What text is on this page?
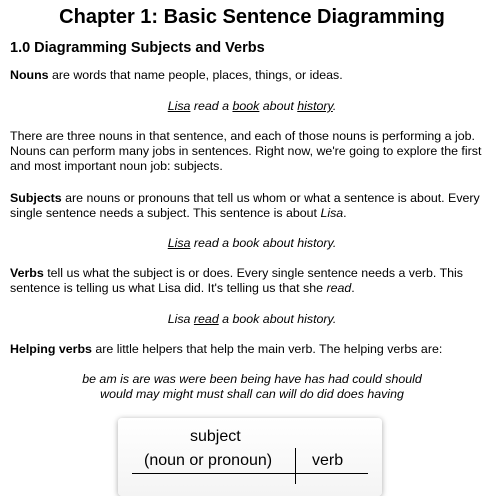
Chapter 1: Basic Sentence Diagramming
1.0 Diagramming Subjects and Verbs

Nouns are words that name people, places, things, or ideas.

Lisa read a book about history.

There are three nouns in that sentence, and each of those nouns is performing a job. Nouns can perform many jobs in sentences. Right now, we're going to explore the first and most important noun job: subjects.

Subjects are nouns or pronouns that tell us whom or what a sentence is about. Every single sentence needs a subject. This sentence is about Lisa.

Lisa read a book about history.

Verbs tell us what the subject is or does. Every single sentence needs a verb. This sentence is telling us what Lisa did. It's telling us that she read.

Lisa read a book about history.

Helping verbs are little helpers that help the main verb. The helping verbs are:

be am is are was were been being have has had could should

would may might must shall can will do did does having

subject
(noun or pronoun) verb
